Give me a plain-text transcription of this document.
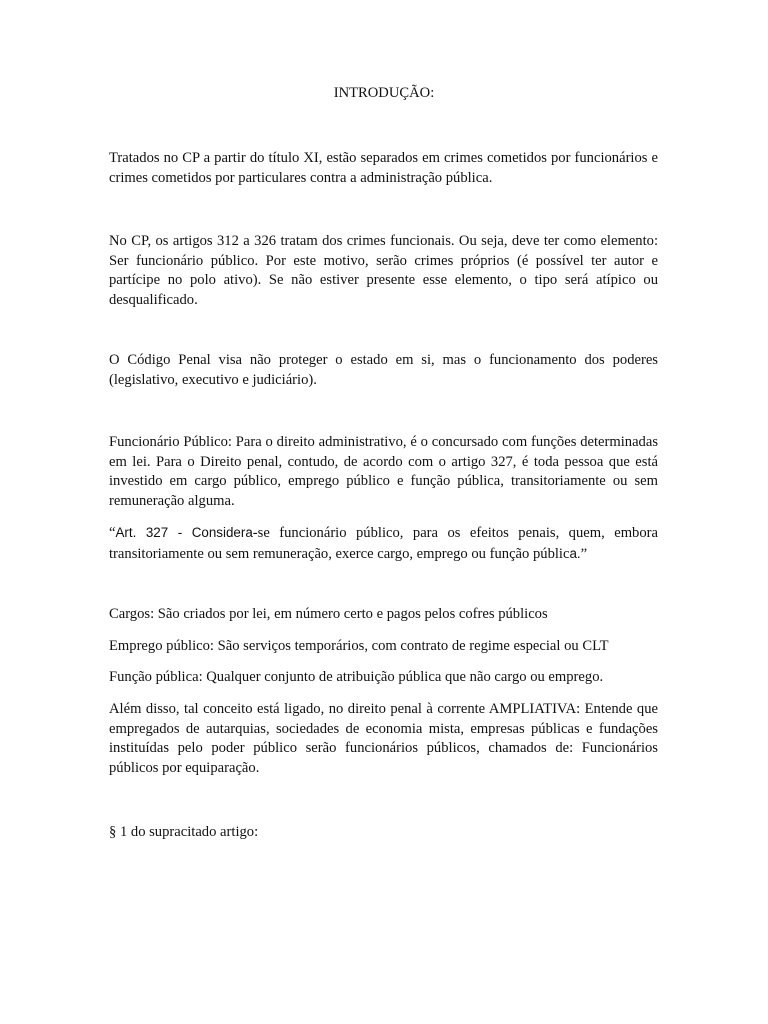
INTRODUÇÃO:

Tratados no CP a partir do título XI, estão separados em crimes cometidos por funcionários e crimes cometidos por particulares contra a administração pública.

No CP, os artigos 312 a 326 tratam dos crimes funcionais. Ou seja, deve ter como elemento: Ser funcionário público. Por este motivo, serão crimes próprios (é possível ter autor e partícipe no polo ativo). Se não estiver presente esse elemento, o tipo será atípico ou desqualificado.

O Código Penal visa não proteger o estado em si, mas o funcionamento dos poderes (legislativo, executivo e judiciário).

Funcionário Público: Para o direito administrativo, é o concursado com funções determinadas em lei. Para o Direito penal, contudo, de acordo com o artigo 327, é toda pessoa que está investido em cargo público, emprego público e função pública, transitoriamente ou sem remuneração alguma.

“Art. 327 - Considera-se funcionário público, para os efeitos penais, quem, embora transitoriamente ou sem remuneração, exerce cargo, emprego ou função pública.”

Cargos: São criados por lei, em número certo e pagos pelos cofres públicos

Emprego público: São serviços temporários, com contrato de regime especial ou CLT

Função pública: Qualquer conjunto de atribuição pública que não cargo ou emprego.

Além disso, tal conceito está ligado, no direito penal à corrente AMPLIATIVA: Entende que empregados de autarquias, sociedades de economia mista, empresas públicas e fundações instituídas pelo poder público serão funcionários públicos, chamados de: Funcionários públicos por equiparação.

§ 1 do supracitado artigo:
